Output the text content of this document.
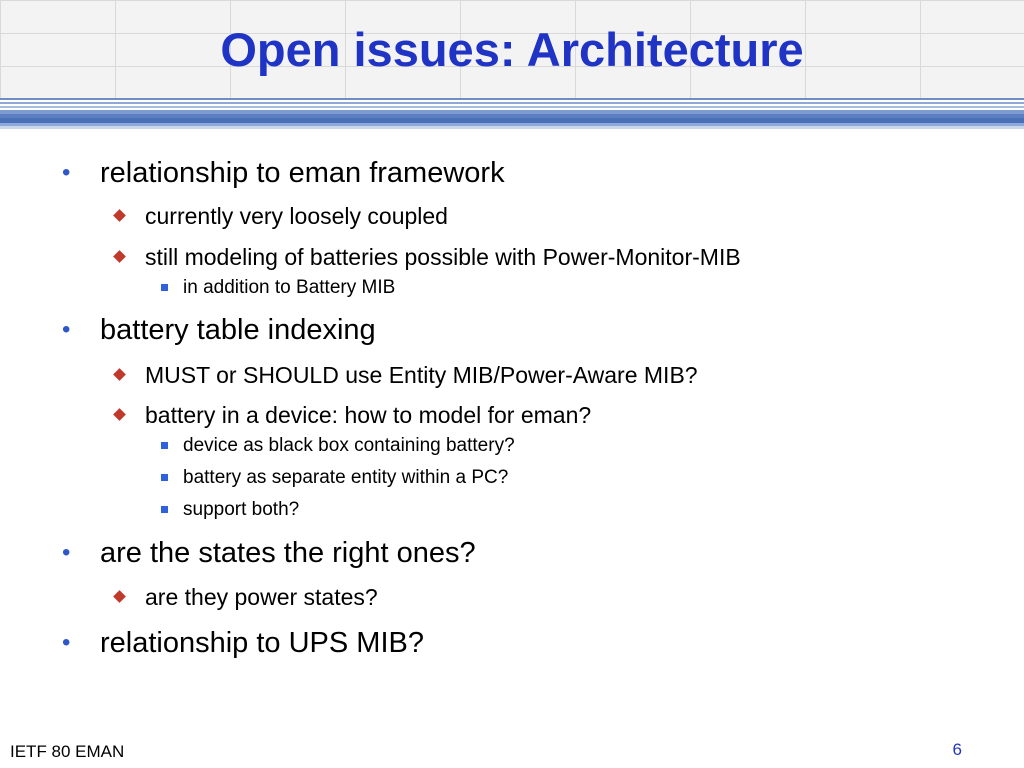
Open issues: Architecture
• relationship to eman framework
currently very loosely coupled
still modeling of batteries possible with Power-Monitor-MIB
in addition to Battery MIB
• battery table indexing
MUST or SHOULD use Entity MIB/Power-Aware MIB?
battery in a device: how to model for eman?
device as black box containing battery?
battery as separate entity within a PC?
support both?
• are the states the right ones?
are they power states?
• relationship to UPS MIB?
IETF 80 EMAN	6
